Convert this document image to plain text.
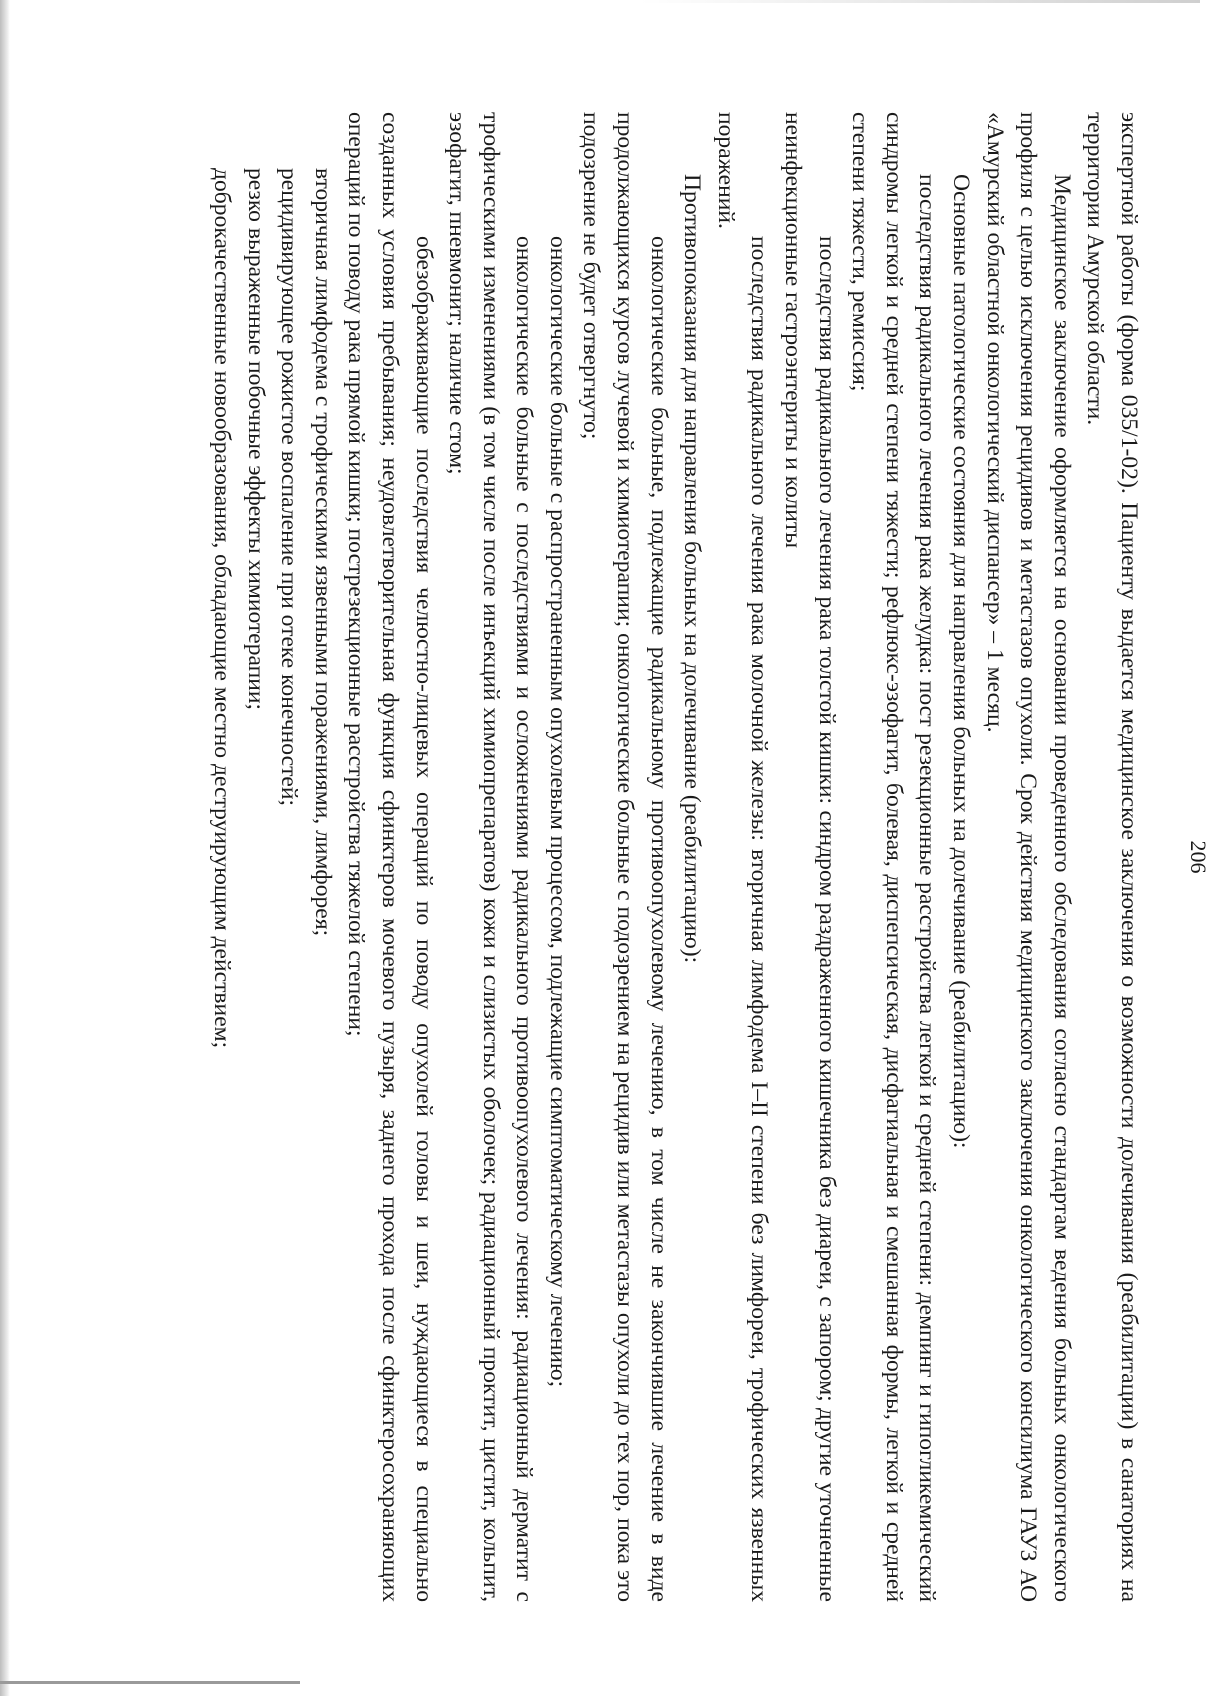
206

экспертной работы (форма 035/1-02). Пациенту выдается медицинское заключения о возможности долечивания (реабилитации) в санаториях на территории Амурской области.

Медицинское заключение оформляется на основании проведенного обследования согласно стандартам ведения больных онкологического профиля с целью исключения рецидивов и метастазов опухоли. Срок действия медицинского заключения онкологического консилиума ГАУЗ АО «Амурский областной онкологический диспансер» – 1 месяц.

Основные патологические состояния для направления больных на долечивание (реабилитацию):

последствия радикального лечения рака желудка: пост резекционные расстройства легкой и средней степени: демпинг и гипогликемический синдромы легкой и средней степени тяжести; рефлюкс-эзофагит, болевая, диспепсическая, дисфагиальная и смешанная формы, легкой и средней степени тяжести, ремиссия;

последствия радикального лечения рака толстой кишки: синдром раздраженного кишечника без диареи, с запором; другие уточненные неинфекционные гастроэнтериты и колиты

последствия радикального лечения рака молочной железы: вторичная лимфодема I–II степени без лимфореи, трофических язвенных поражений.

Противопоказания для направления больных на долечивание (реабилитацию):

онкологические больные, подлежащие радикальному противоопухолевому лечению, в том числе не закончившие лечение в виде продолжающихся курсов лучевой и химиотерапии; онкологические больные с подозрением на рецидив или метастазы опухоли до тех пор, пока это подозрение не будет отвергнуто;

онкологические больные с распространенным опухолевым процессом, подлежащие симптоматическому лечению;

онкологические больные с последствиями и осложнениями радикального противоопухолевого лечения: радиационный дерматит с трофическими изменениями (в том числе после инъекций химиопрепаратов) кожи и слизистых оболочек; радиационный проктит, цистит, кольпит, эзофагит, пневмонит; наличие стом;

обезображивающие последствия челюстно-лицевых операций по поводу опухолей головы и шеи, нуждающиеся в специально созданных условия пребывания; неудовлетворительная функция сфинктеров мочевого пузыря, заднего прохода после сфинктеросохраняющих операций по поводу рака прямой кишки; пострезекционные расстройства тяжелой степени;

вторичная лимфодема с трофическими язвенными поражениями, лимфорея;

рецидивирующее рожистое воспаление при отеке конечностей;

резко выраженные побочные эффекты химиотерапии;

доброкачественные новообразования, обладающие местно деструирующим действием;
